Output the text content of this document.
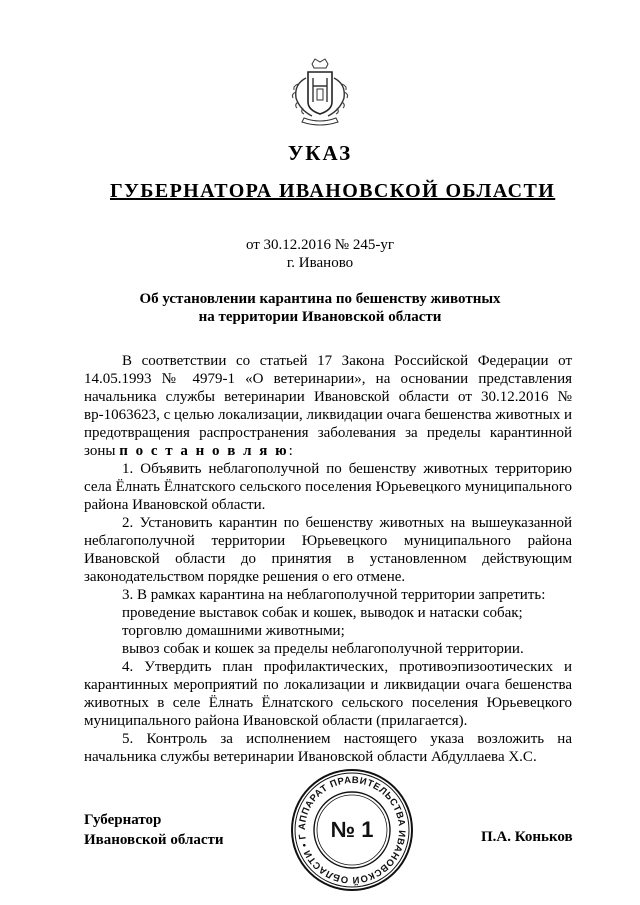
УКАЗ
ГУБЕРНАТОРА ИВАНОВСКОЙ ОБЛАСТИ
от 30.12.2016 № 245-уг
г. Иваново
Об установлении карантина по бешенству животных
на территории Ивановской области

В соответствии со статьей 17 Закона Российской Федерации от 14.05.1993 № 4979-1 «О ветеринарии», на основании представления начальника службы ветеринарии Ивановской области от 30.12.2016 № вр-1063623, с целью локализации, ликвидации очага бешенства животных и предотвращения распространения заболевания за пределы карантинной зоны п о с т а н о в л я ю:

1. Объявить неблагополучной по бешенству животных территорию села Ёлнать Ёлнатского сельского поселения Юрьевецкого муниципального района Ивановской области.

2. Установить карантин по бешенству животных на вышеуказанной неблагополучной территории Юрьевецкого муниципального района Ивановской области до принятия в установленном действующим законодательством порядке решения о его отмене.

3. В рамках карантина на неблагополучной территории запретить:

проведение выставок собак и кошек, выводок и натаски собак;

торговлю домашними животными;

вывоз собак и кошек за пределы неблагополучной территории.

4. Утвердить план профилактических, противоэпизоотических и карантинных мероприятий по локализации и ликвидации очага бешенства животных в селе Ёлнать Ёлнатского сельского поселения Юрьевецкого муниципального района Ивановской области (прилагается).

5. Контроль за исполнением настоящего указа возложить на начальника службы ветеринарии Ивановской области Абдуллаева Х.С.

Губернатор
Ивановской области	П.А. Коньков
АППАРАТ ПРАВИТЕЛЬСТВА ИВАНОВСКОЙ ОБЛАСТИ • Г № 1
